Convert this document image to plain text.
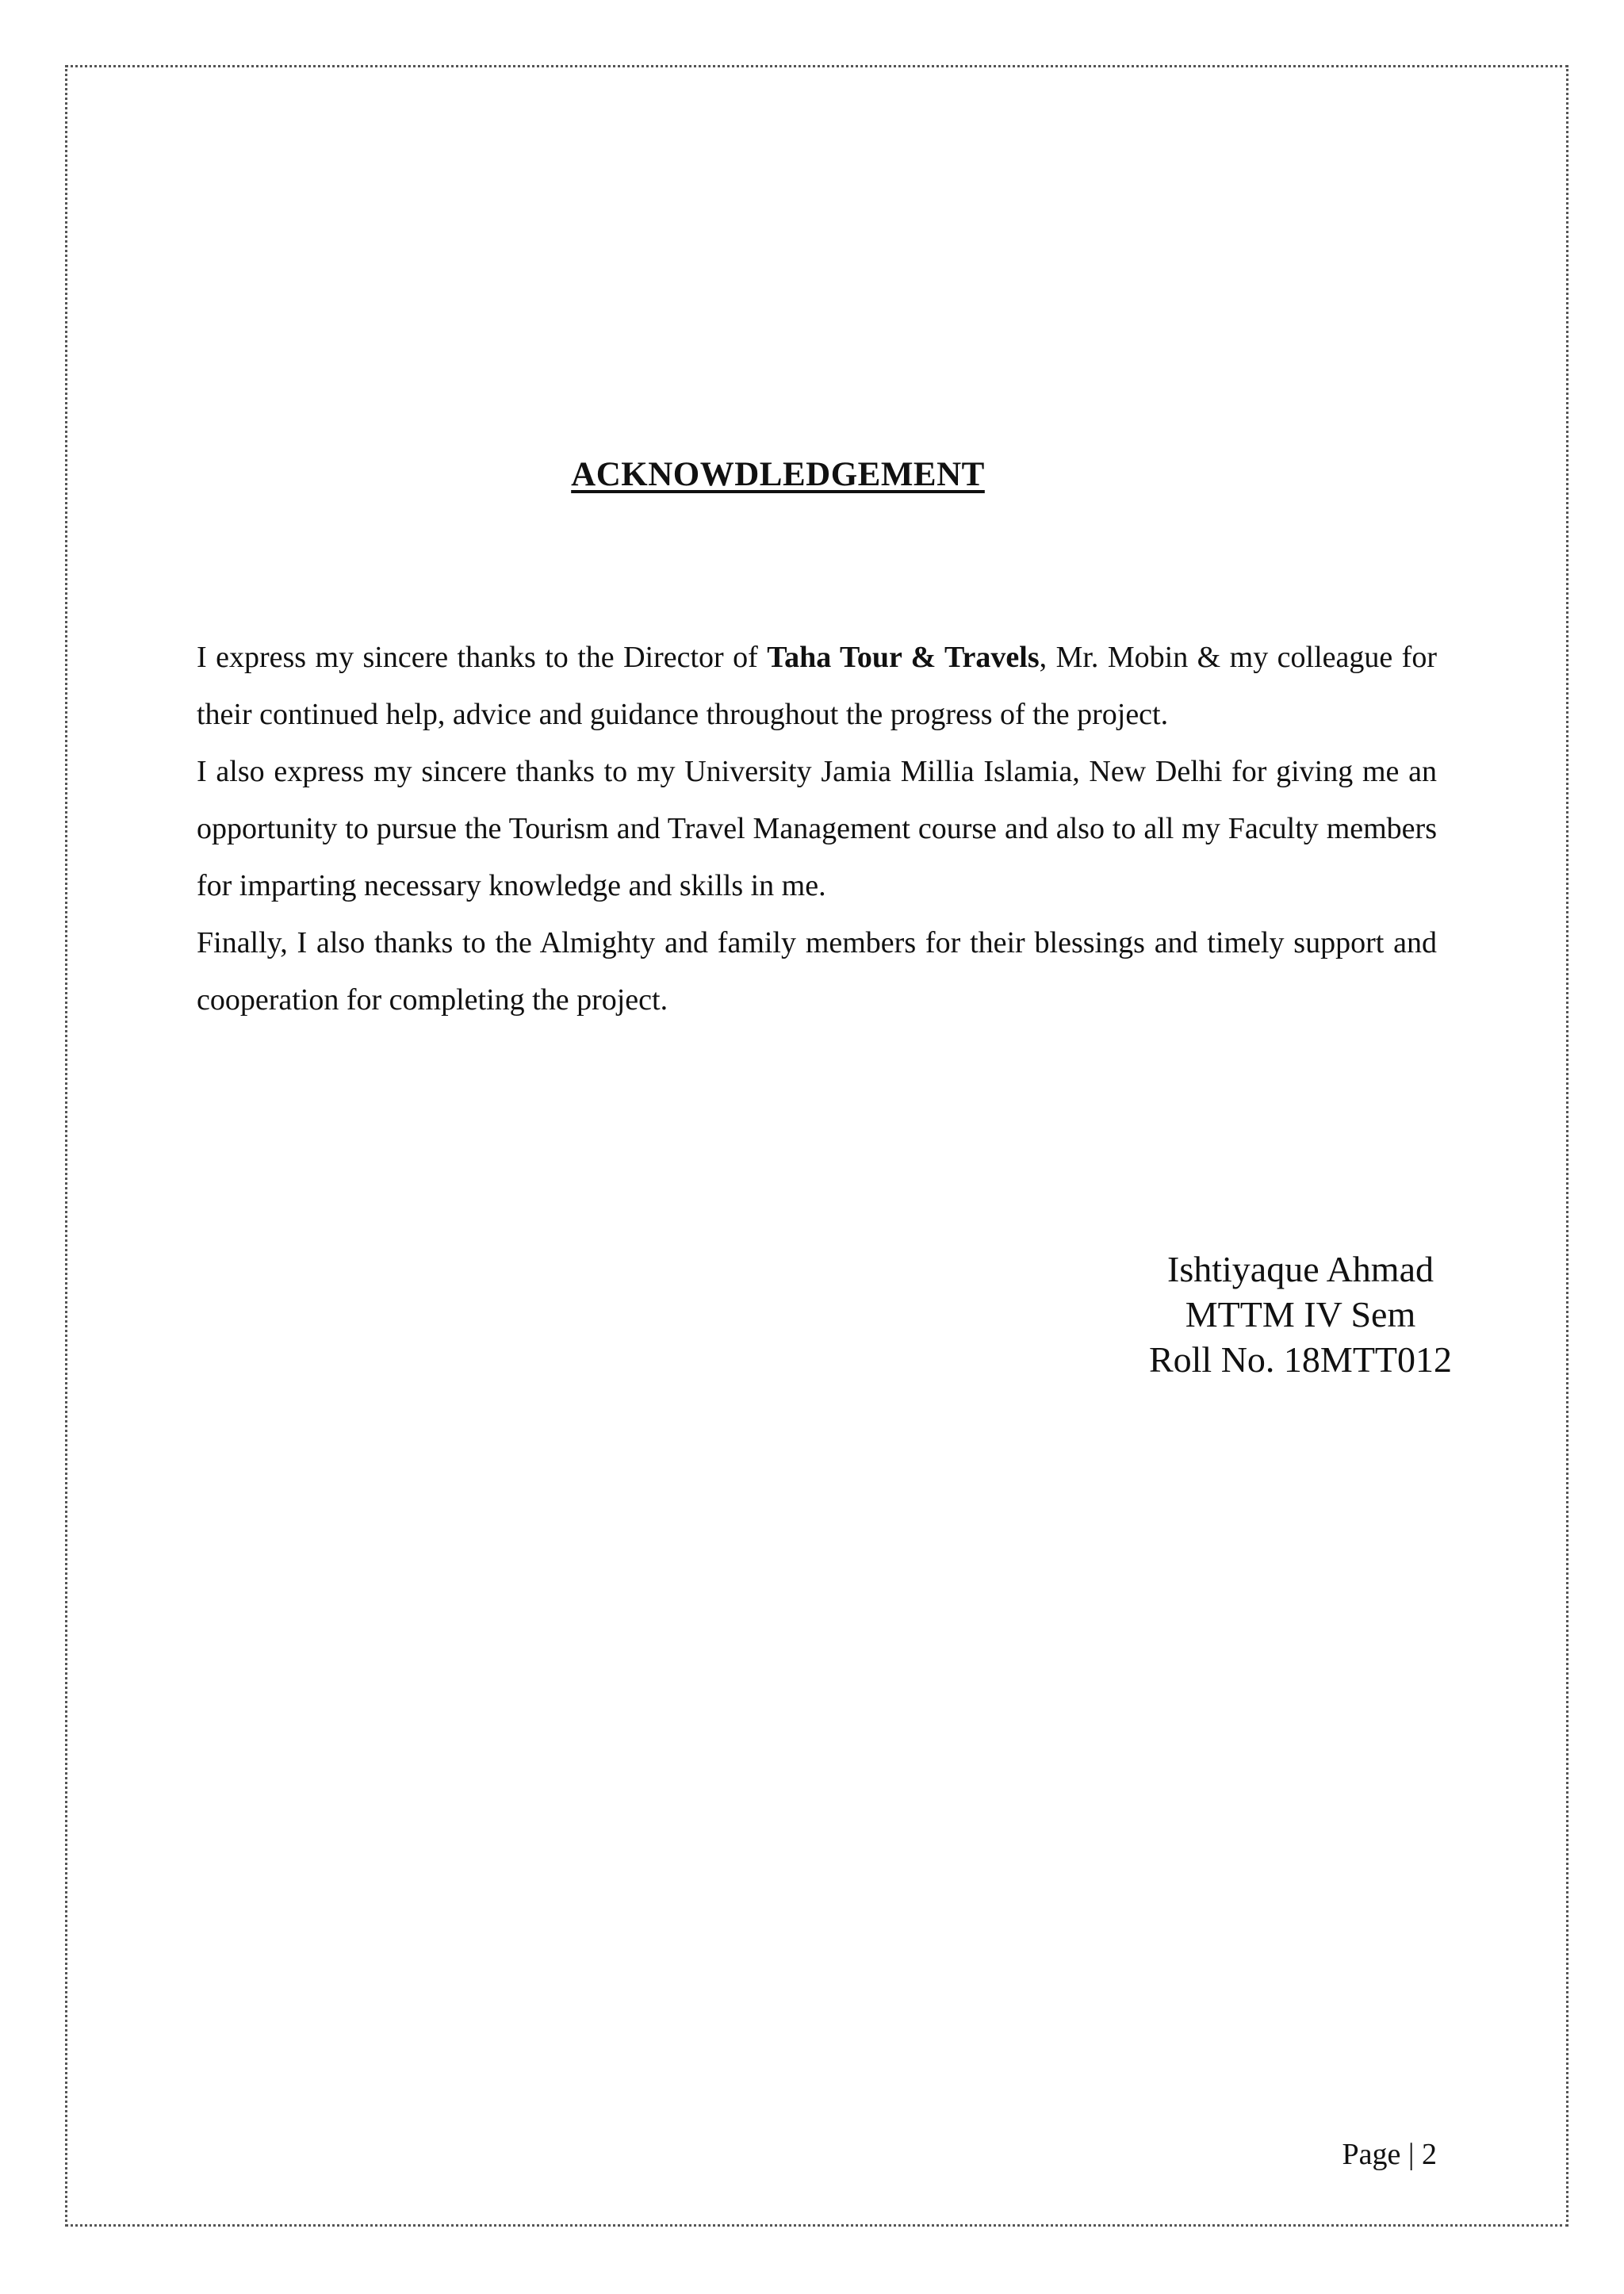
ACKNOWDLEDGEMENT

I express my sincere thanks to the Director of Taha Tour & Travels, Mr. Mobin & my colleague for their continued help, advice and guidance throughout the progress of the project.

I also express my sincere thanks to my University Jamia Millia Islamia, New Delhi for giving me an opportunity to pursue the Tourism and Travel Management course and also to all my Faculty members for imparting necessary knowledge and skills in me.

Finally, I also thanks to the Almighty and family members for their blessings and timely support and cooperation for completing the project.

Ishtiyaque Ahmad
MTTM IV Sem
Roll No. 18MTT012
Page | 2
